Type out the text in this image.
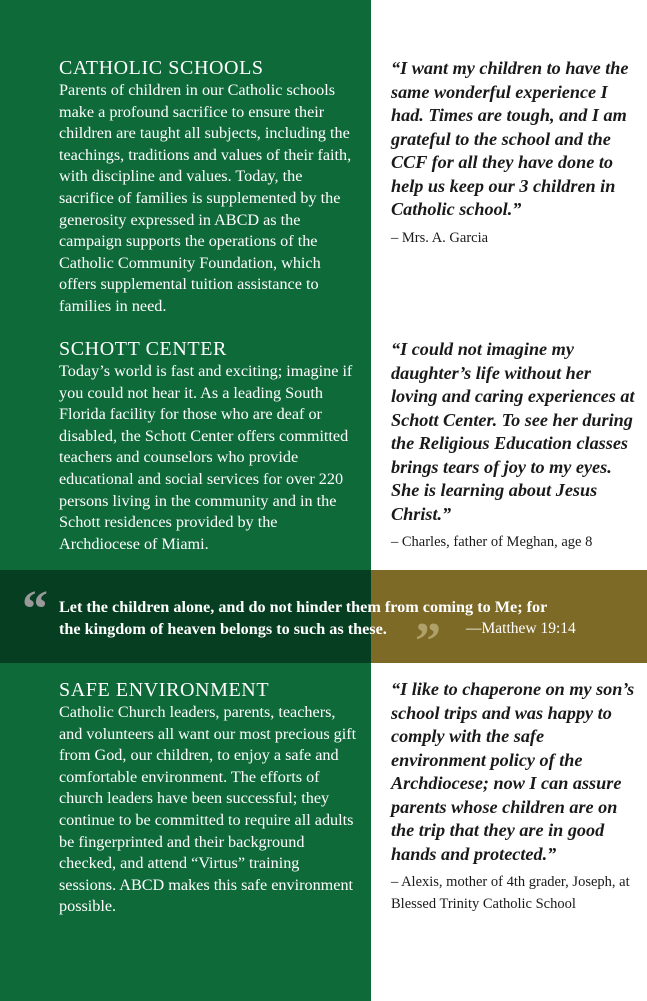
CATHOLIC SCHOOLS

Parents of children in our Catholic schools make a profound sacrifice to ensure their children are taught all subjects, including the teachings, traditions and values of their faith, with discipline and values. Today, the sacrifice of families is supplemented by the generosity expressed in ABCD as the campaign supports the operations of the Catholic Community Foundation, which offers supplemental tuition assistance to families in need.

SCHOTT CENTER

Today’s world is fast and exciting; imagine if you could not hear it. As a leading South Florida facility for those who are deaf or disabled, the Schott Center offers committed teachers and counselors who provide educational and social services for over 220 persons living in the community and in the Schott residences provided by the Archdiocese of Miami.

SAFE ENVIRONMENT

Catholic Church leaders, parents, teachers, and volunteers all want our most precious gift from God, our children, to enjoy a safe and comfortable environment. The efforts of church leaders have been successful; they continue to be committed to require all adults be fingerprinted and their background checked, and attend “Virtus” training sessions. ABCD makes this safe environment possible.

“I want my children to have the same wonderful experience I had. Times are tough, and I am grateful to the school and the CCF for all they have done to help us keep our 3 children in Catholic school.”

– Mrs. A. Garcia

“I could not imagine my daughter’s life without her loving and caring experiences at Schott Center. To see her during the Religious Education classes brings tears of joy to my eyes. She is learning about Jesus Christ.”

– Charles, father of Meghan, age 8

“I like to chaperone on my son’s school trips and was happy to comply with the safe environment policy of the Archdiocese; now I can assure parents whose children are on the trip that they are in good hands and protected.”

– Alexis, mother of 4th grader, Joseph, at Blessed Trinity Catholic School

“ Let the children alone, and do not hinder them from coming to Me; for
the kingdom of heaven belongs to such as these. ” —Matthew 19:14
